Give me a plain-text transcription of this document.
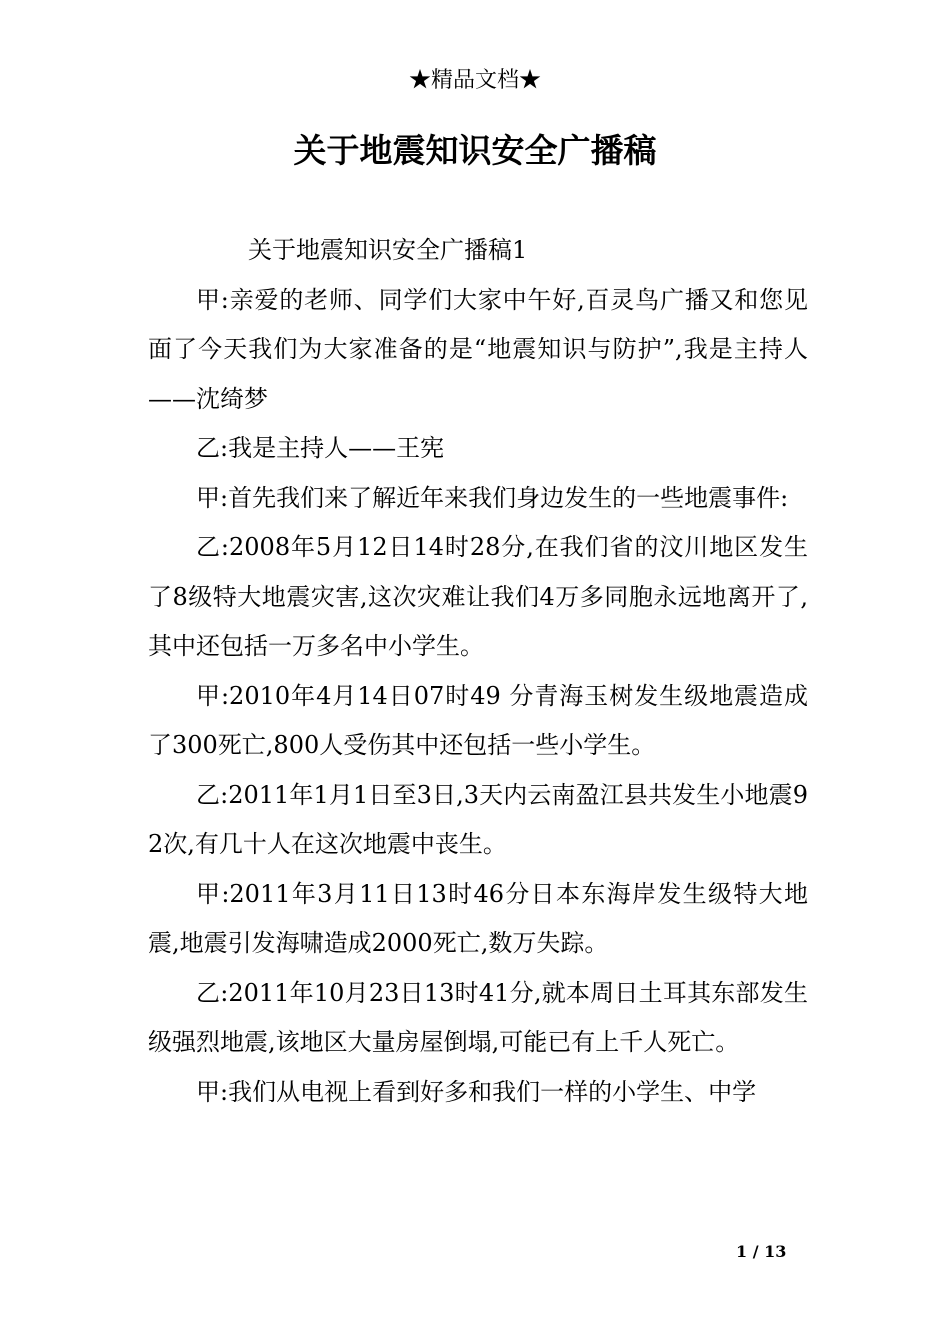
★精品文档★
关于地震知识安全广播稿

关于地震知识安全广播稿1

甲:亲爱的老师、同学们大家中午好,百灵鸟广播又和您见面了今天我们为大家准备的是“地震知识与防护”,我是主持人——沈绮梦

乙:我是主持人——王宪

甲:首先我们来了解近年来我们身边发生的一些地震事件:

乙:2008年5月12日14时28分,在我们省的汶川地区发生了8级特大地震灾害,这次灾难让我们4万多同胞永远地离开了,其中还包括一万多名中小学生。

甲:2010年4月14日07时49 分青海玉树发生级地震造成了300死亡,800人受伤其中还包括一些小学生。

乙:2011年1月1日至3日,3天内云南盈江县共发生小地震92次,有几十人在这次地震中丧生。

甲:2011年3月11日13时46分日本东海岸发生级特大地震,地震引发海啸造成2000死亡,数万失踪。

乙:2011年10月23日13时41分,就本周日土耳其东部发生级强烈地震,该地区大量房屋倒塌,可能已有上千人死亡。

甲:我们从电视上看到好多和我们一样的小学生、中学

1 / 13
